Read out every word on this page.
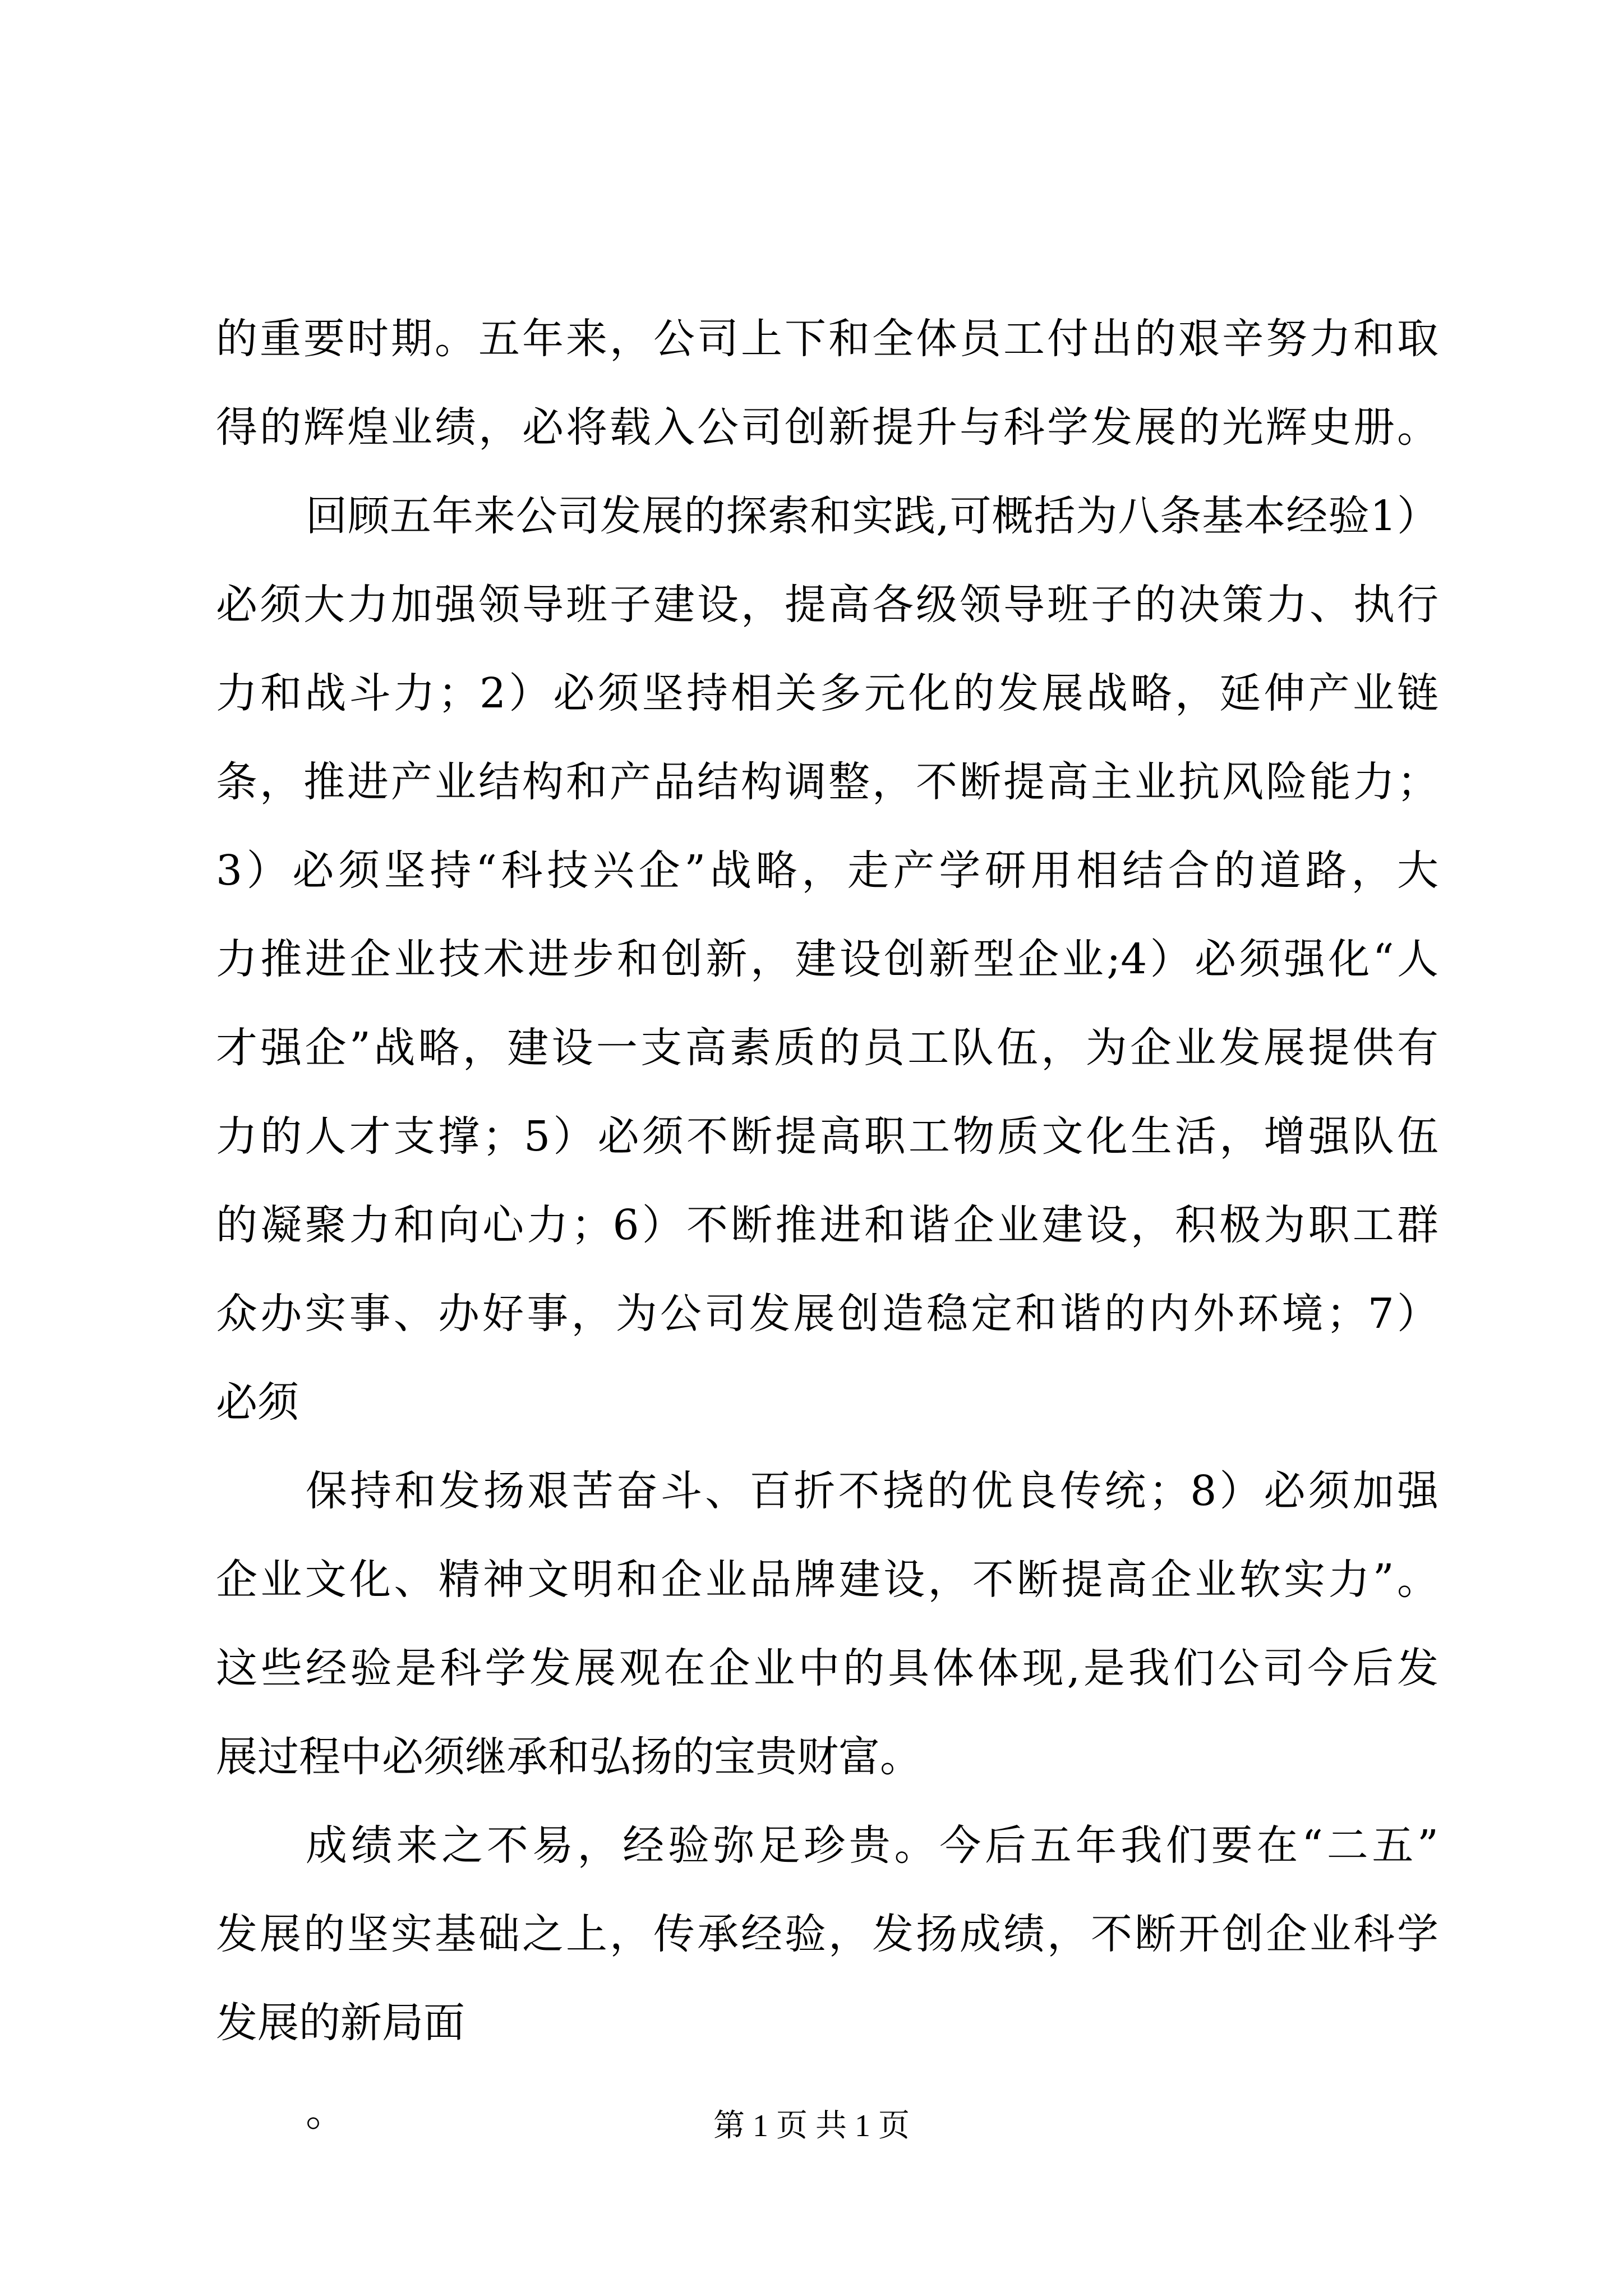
的重要时期。五年来，公司上下和全体员工付出的艰辛努力和取
得的辉煌业绩，必将载入公司创新提升与科学发展的光辉史册。
回顾五年来公司发展的探索和实践,可概括为八条基本经验1）
必须大力加强领导班子建设，提高各级领导班子的决策力、执行
力和战斗力；2）必须坚持相关多元化的发展战略，延伸产业链
条，推进产业结构和产品结构调整，不断提高主业抗风险能力；
3）必须坚持“科技兴企”战略，走产学研用相结合的道路，大
力推进企业技术进步和创新，建设创新型企业;4）必须强化“人
才强企”战略，建设一支高素质的员工队伍，为企业发展提供有
力的人才支撑；5）必须不断提高职工物质文化生活，增强队伍
的凝聚力和向心力；6）不断推进和谐企业建设，积极为职工群
众办实事、办好事，为公司发展创造稳定和谐的内外环境；7）
必须
保持和发扬艰苦奋斗、百折不挠的优良传统；8）必须加强
企业文化、精神文明和企业品牌建设，不断提高企业软实力”。
这些经验是科学发展观在企业中的具体体现,是我们公司今后发
展过程中必须继承和弘扬的宝贵财富。
成绩来之不易，经验弥足珍贵。今后五年我们要在“二五”
发展的坚实基础之上，传承经验，发扬成绩，不断开创企业科学
发展的新局面
。	第 1 页 共 1 页
